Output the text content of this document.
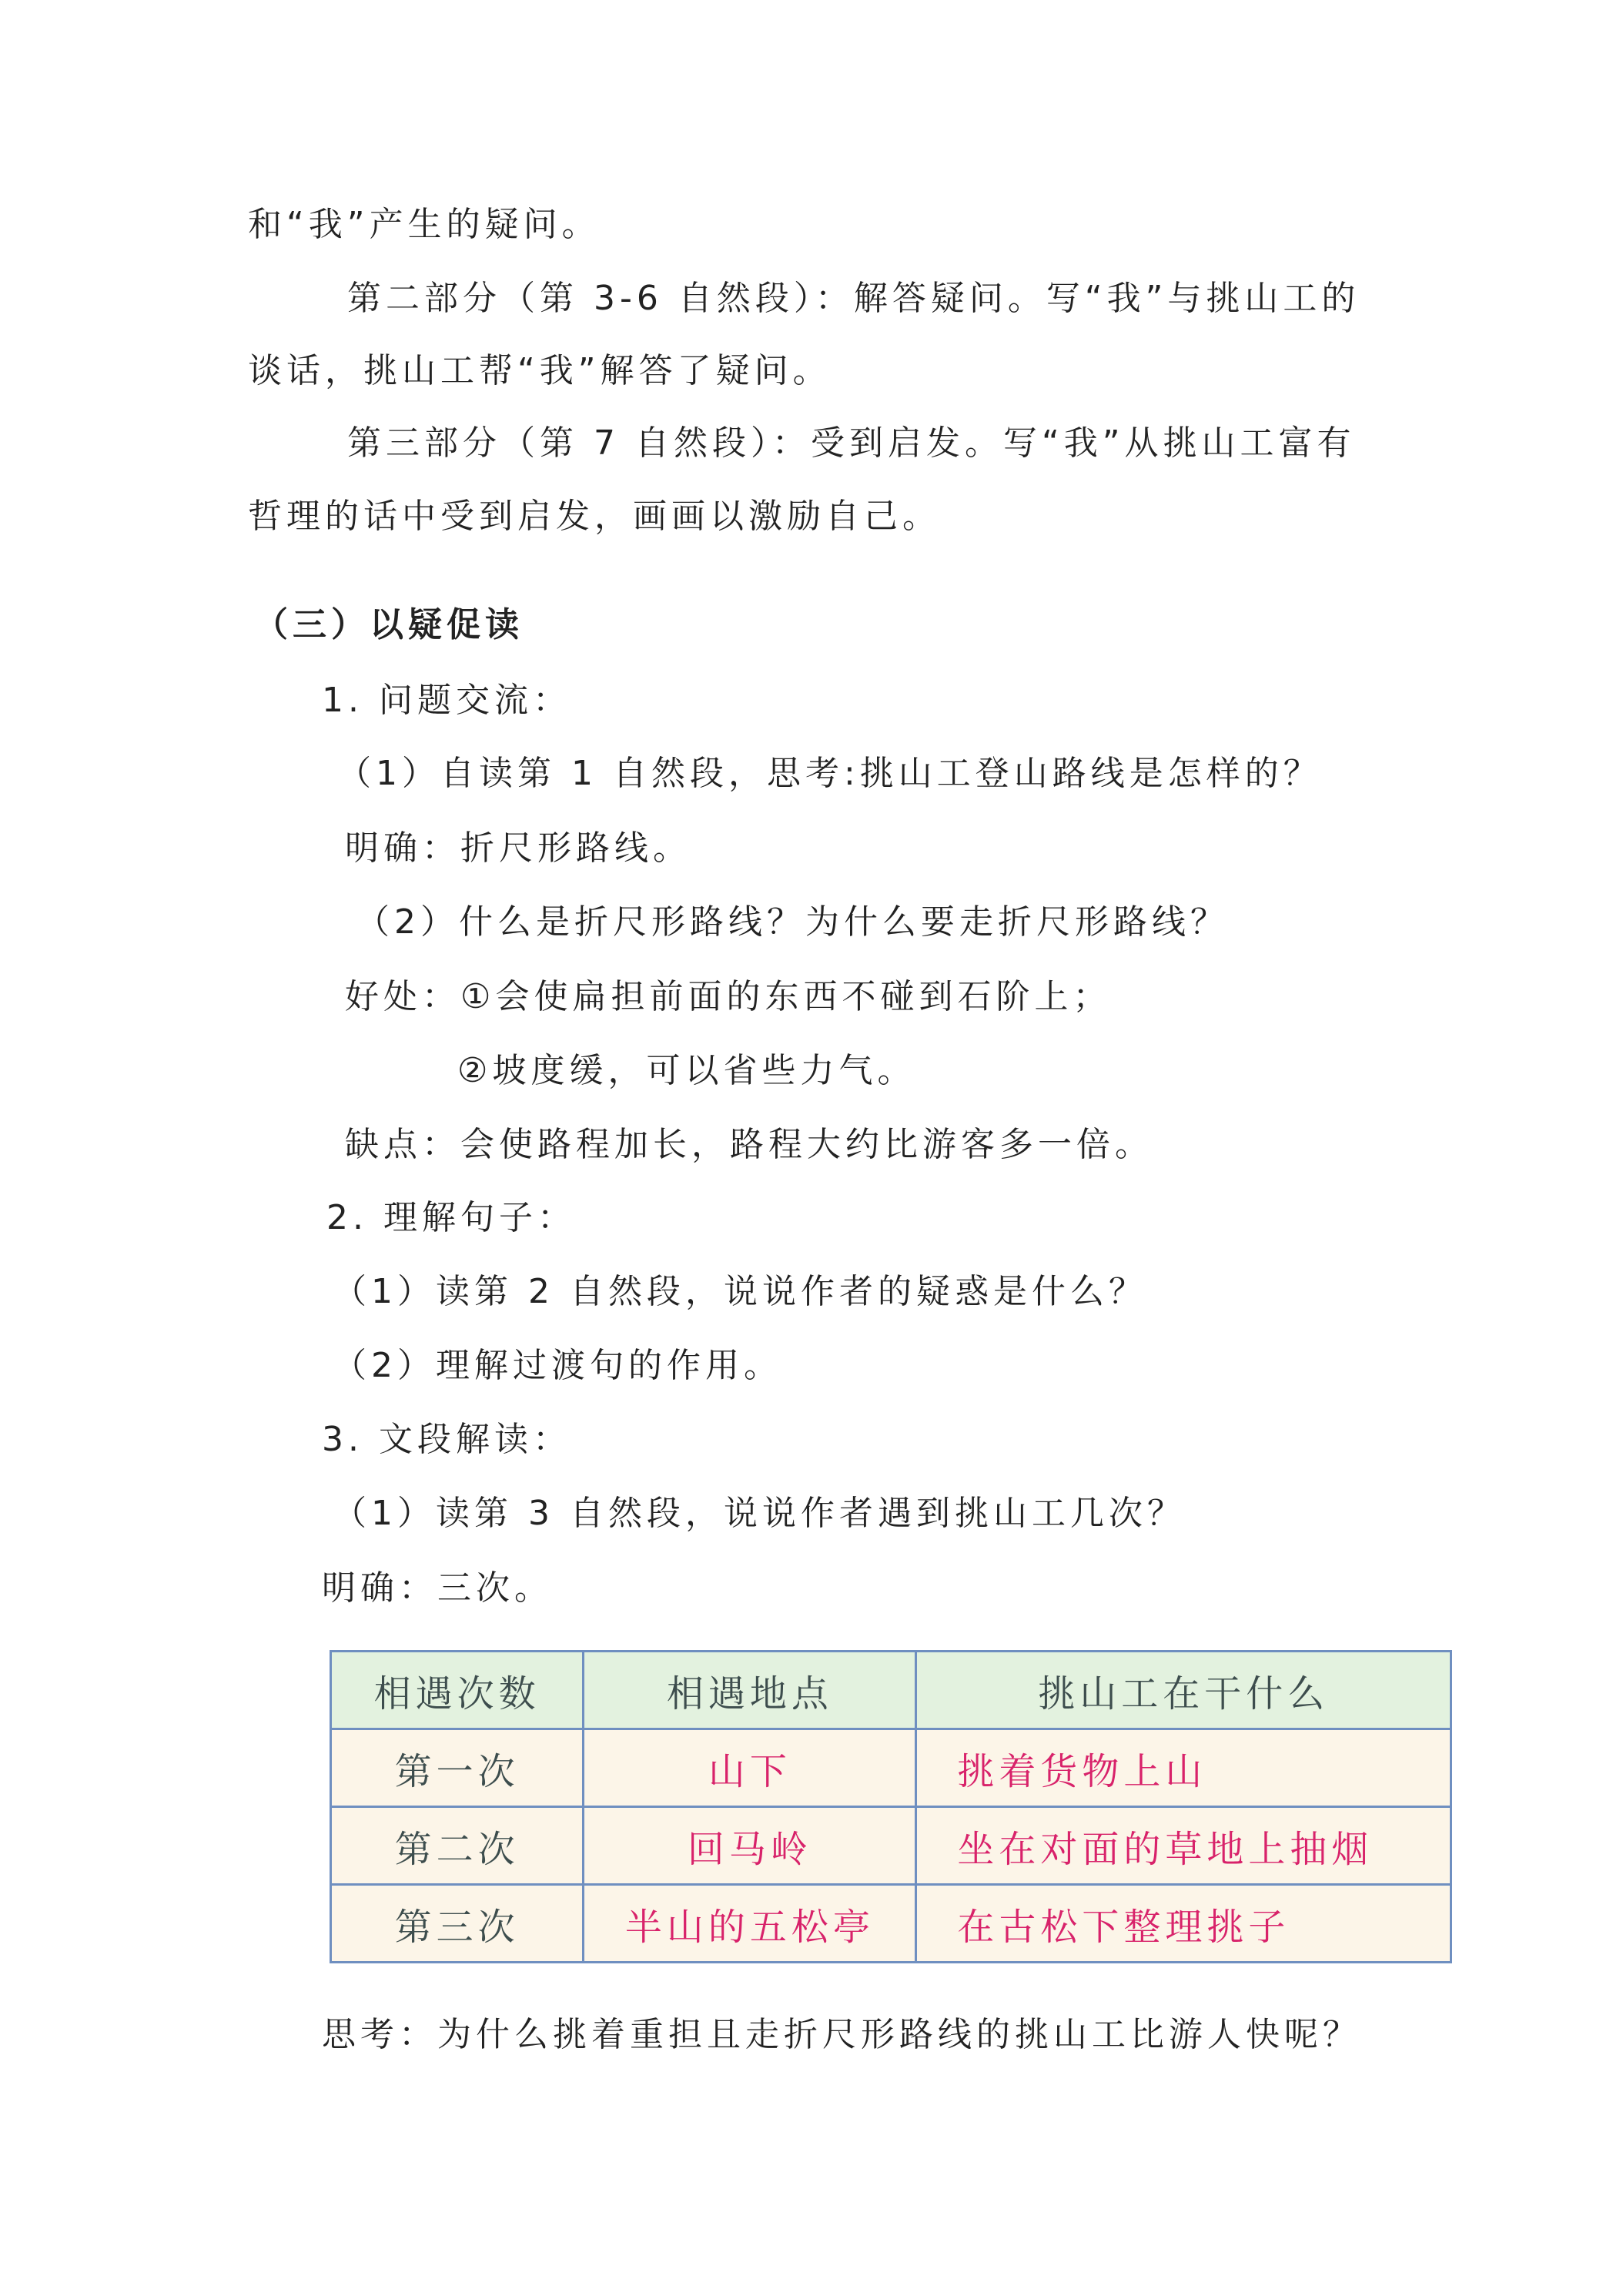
和“我”产生的疑问。
第二部分（第 3-6 自然段）：解答疑问。写“我”与挑山工的
谈话，挑山工帮“我”解答了疑问。
第三部分（第 7 自然段）：受到启发。写“我”从挑山工富有
哲理的话中受到启发，画画以激励自己。
（三）以疑促读
1. 问题交流：
（1）自读第 1 自然段，思考:挑山工登山路线是怎样的？
明确：折尺形路线。
（2）什么是折尺形路线？为什么要走折尺形路线？
好处：①会使扁担前面的东西不碰到石阶上；
②坡度缓，可以省些力气。
缺点：会使路程加长，路程大约比游客多一倍。
2. 理解句子：
（1）读第 2 自然段，说说作者的疑惑是什么？
（2）理解过渡句的作用。
3. 文段解读：
（1）读第 3 自然段，说说作者遇到挑山工几次？
明确：三次。
相遇次数	相遇地点	挑山工在干什么
第一次	山下	挑着货物上山
第二次	回马岭	坐在对面的草地上抽烟
第三次	半山的五松亭	在古松下整理挑子
思考：为什么挑着重担且走折尺形路线的挑山工比游人快呢？
